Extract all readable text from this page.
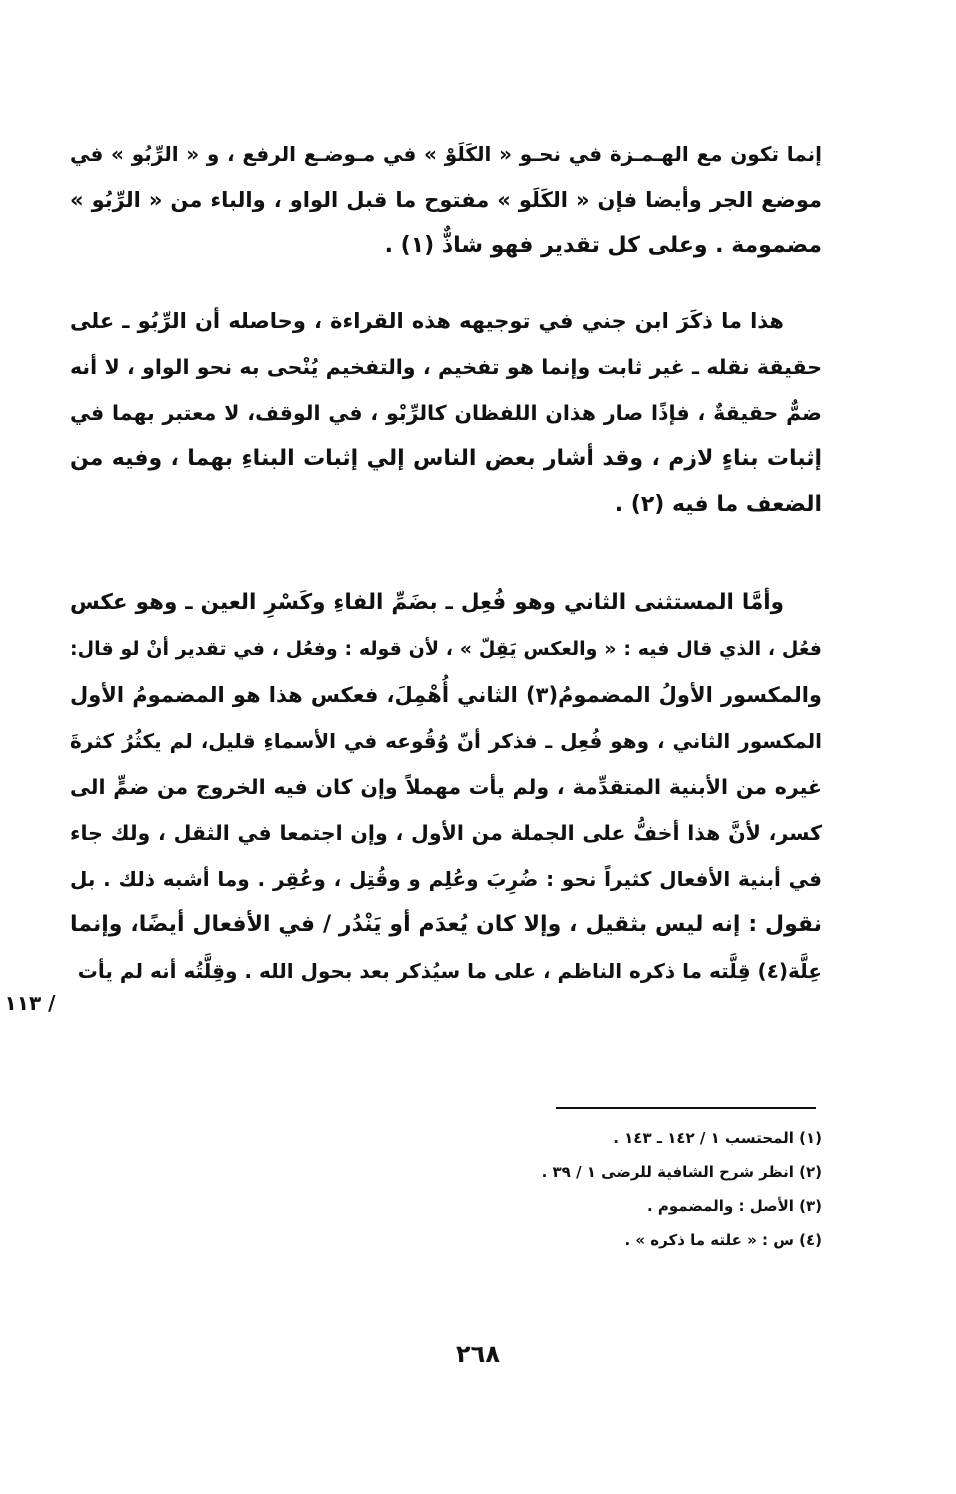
إنما تكون مع الهـمـزة في نحـو « الكَلَوْ » في مـوضـع الرفع ، و « الرِّبُو » في
موضع الجر وأيضا فإن « الكَلَو » مفتوح ما قبل الواو ، والباء من « الرِّبُو »
مضمومة . وعلى كل تقدير فهو شاذٌّ (١) .
هذا ما ذكَرَ ابن جني في توجيهه هذه القراءة ، وحاصله أن الرِّبُو ـ على
حقيقة نقله ـ غير ثابت وإنما هو تفخيم ، والتفخيم يُنْحى به نحو الواو ، لا أنه
ضمٌّ حقيقةٌ ، فإذًا صار هذان اللفظان كالرِّبْو ، في الوقف، لا معتبر بهما في
إثبات بناءٍ لازم ، وقد أشار بعض الناس إلي إثبات البناءِ بهما ، وفيه من
الضعف ما فيه (٢) .
وأمَّا المستثنى الثاني وهو فُعِل ـ بضَمِّ الفاءِ وكَسْرِ العين ـ وهو عكس
فعُل ، الذي قال فيه : « والعكس يَقِلّ » ، لأن قوله : وفعُل ، في تقدير أنْ لو قال:
والمكسور الأولُ المضمومُ(٣) الثاني أُهْمِلَ، فعكس هذا هو المضمومُ الأول
المكسور الثاني ، وهو فُعِل ـ فذكر أنّ وُقُوعه في الأسماءِ قليل، لم يكثُرُ كثرةَ
غيره من الأبنية المتقدِّمة ، ولم يأت مهملاً وإن كان فيه الخروج من ضمٍّ الى
كسر، لأنَّ هذا أخفُّ على الجملة من الأول ، وإن اجتمعا في الثقل ، ولك جاء
في أبنية الأفعال كثيراً نحو : ضُرِبَ وعُلِم و وقُتِل ، وعُقِر . وما أشبه ذلك . بل
نقول : إنه ليس بثقيل ، وإلا كان يُعدَم أو يَنْدُر / في الأفعال أيضًا، وإنما
عِلَّة(٤) قِلَّته ما ذكره الناظم ، على ما سيُذكر بعد بحول الله . وقِلَّتُه أنه لم يأت
/ ١١٣
(١) المحتسب ١ / ١٤٢ ـ ١٤٣ .
(٢) انظر شرح الشافية للرضى ١ / ٣٩ .
(٣) الأصل : والمضموم .
(٤) س : « علته ما ذكره » .
٢٦٨
